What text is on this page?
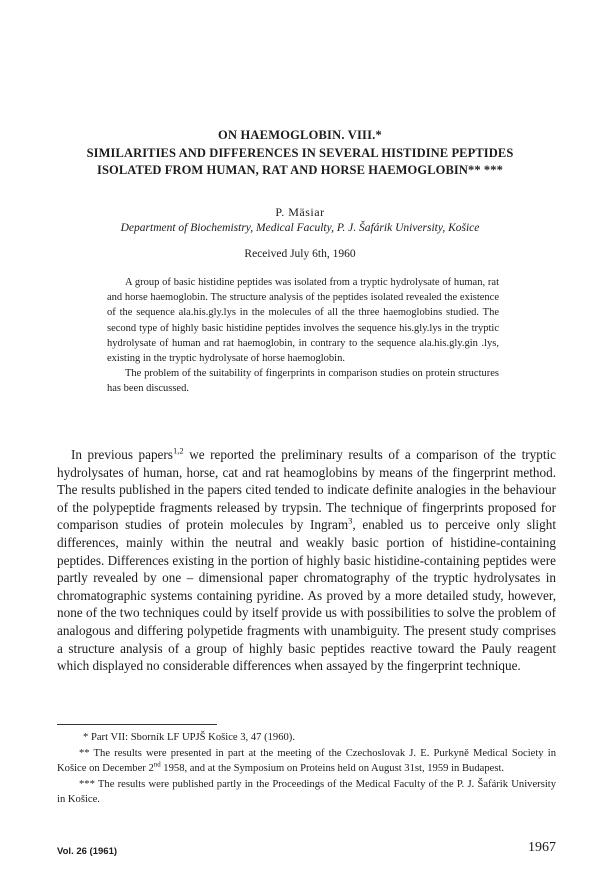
ON HAEMOGLOBIN. VIII.*
SIMILARITIES AND DIFFERENCES IN SEVERAL HISTIDINE PEPTIDES
ISOLATED FROM HUMAN, RAT AND HORSE HAEMOGLOBIN** ***
P. Mäsiar
Department of Biochemistry, Medical Faculty, P. J. Šafárik University, Košice
Received July 6th, 1960

A group of basic histidine peptides was isolated from a tryptic hydrolysate of human, rat and horse haemoglobin. The structure analysis of the peptides isolated revealed the existence of the sequence ala.his.gly.lys in the molecules of all the three haemoglobins studied. The second type of highly basic histidine peptides involves the sequence his.gly.lys in the tryptic hydrolysate of human and rat haemoglobin, in contrary to the sequence ala.his.gly.gin .lys, existing in the tryptic hydrolysate of horse haemoglobin.

The problem of the suitability of fingerprints in comparison studies on protein structures has been discussed.

In previous papers$^{1,2}$ we reported the preliminary results of a comparison of the tryptic hydrolysates of human, horse, cat and rat heamoglobins by means of the fingerprint method. The results published in the papers cited tended to indicate definite analogies in the behaviour of the polypeptide fragments released by trypsin. The technique of fingerprints proposed for comparison studies of protein molecules by Ingram$^3$, enabled us to perceive only slight differences, mainly within the neutral and weakly basic portion of histidine-containing peptides. Differences existing in the portion of highly basic histidine-containing peptides were partly revealed by one – dimensional paper chromatography of the tryptic hydrolysates in chromatographic systems containing pyridine. As proved by a more detailed study, however, none of the two techniques could by itself provide us with possibilities to solve the problem of analogous and differing polypetide fragments with unambiguity. The present study comprises a structure analysis of a group of highly basic peptides reactive toward the Pauly reagent which displayed no considerable differences when assayed by the fingerprint technique.

* Part VII: Sborník LF UPJŠ Košice 3, 47 (1960).

** The results were presented in part at the meeting of the Czechoslovak J. E. Purkyně Medical Society in Košice on December 2nd 1958, and at the Symposium on Proteins held on August 31st, 1959 in Budapest.

*** The results were published partly in the Proceedings of the Medical Faculty of the P. J. Šafárik University in Košice.

Vol. 26 (1961)	1967
